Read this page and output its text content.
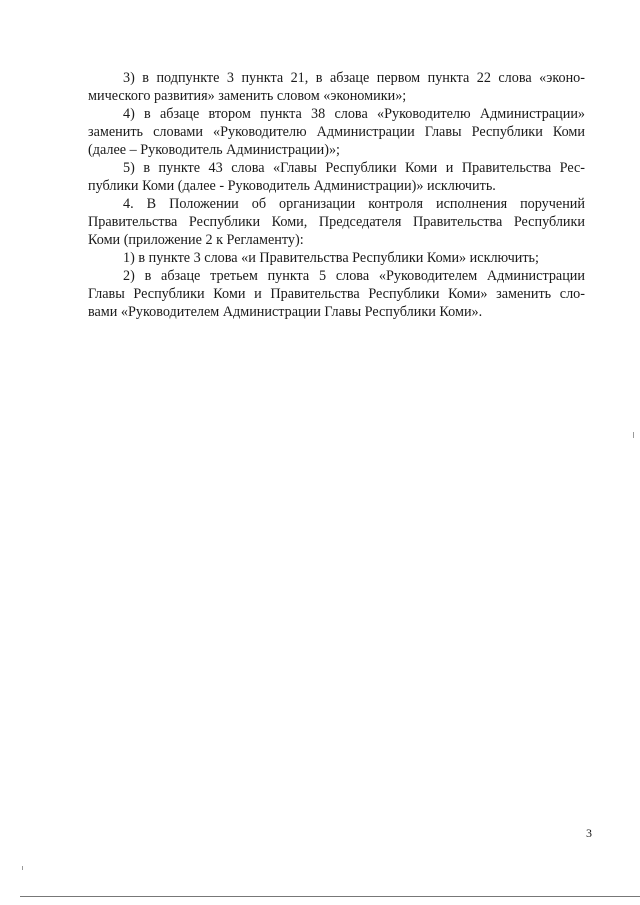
3) в подпункте 3 пункта 21, в абзаце первом пункта 22 слова «эконо-
мического развития» заменить словом «экономики»;
4) в абзаце втором пункта 38 слова «Руководителю Администрации»
заменить словами «Руководителю Администрации Главы Республики Коми
(далее – Руководитель Администрации)»;
5) в пункте 43 слова «Главы Республики Коми и Правительства Рес-
публики Коми (далее - Руководитель Администрации)» исключить.
4. В Положении об организации контроля исполнения поручений
Правительства Республики Коми, Председателя Правительства Республики
Коми (приложение 2 к Регламенту):
1) в пункте 3 слова «и Правительства Республики Коми» исключить;
2) в абзаце третьем пункта 5 слова «Руководителем Администрации
Главы Республики Коми и Правительства Республики Коми» заменить сло-
вами «Руководителем Администрации Главы Республики Коми».
3
